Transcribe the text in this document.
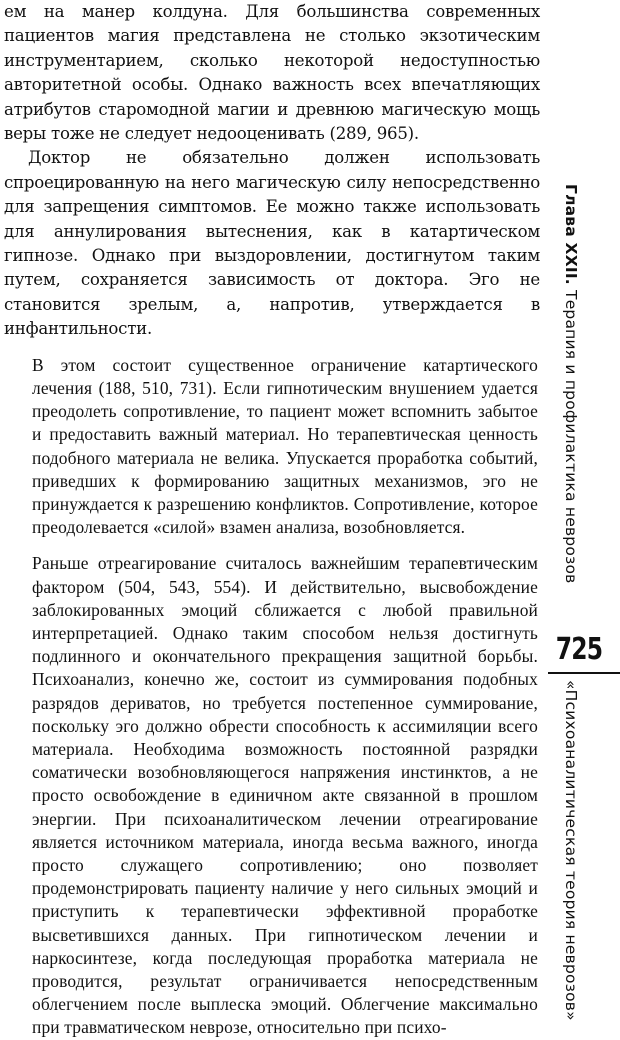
ем на манер колдуна. Для большинства современных пациентов магия представлена не столько экзотическим инструментарием, сколько некоторой недоступностью авторитетной особы. Однако важность всех впечатляющих атрибутов старомодной магии и древнюю магическую мощь веры тоже не следует недооценивать (289, 965).

Доктор не обязательно должен использовать спроецированную на него магическую силу непосредственно для запрещения симптомов. Ее можно также использовать для аннулирования вытеснения, как в катартическом гипнозе. Однако при выздоровлении, достигнутом таким путем, сохраняется зависимость от доктора. Эго не становится зрелым, а, напротив, утверждается в инфантильности.

В этом состоит существенное ограничение катартического лечения (188, 510, 731). Если гипнотическим внушением удается преодолеть сопротивление, то пациент может вспомнить забытое и предоставить важный материал. Но терапевтическая ценность подобного материала не велика. Упускается проработка событий, приведших к формированию защитных механизмов, эго не принуждается к разрешению конфликтов. Сопротивление, которое преодолевается «силой» взамен анализа, возобновляется.

Раньше отреагирование считалось важнейшим терапевтическим фактором (504, 543, 554). И действительно, высвобождение заблокированных эмоций сближается с любой правильной интерпретацией. Однако таким способом нельзя достигнуть подлинного и окончательного прекращения защитной борьбы. Психоанализ, конечно же, состоит из суммирования подобных разрядов дериватов, но требуется постепенное суммирование, поскольку эго должно обрести способность к ассимиляции всего материала. Необходима возможность постоянной разрядки соматически возобновляющегося напряжения инстинктов, а не просто освобождение в единичном акте связанной в прошлом энергии. При психоаналитическом лечении отреагирование является источником материала, иногда весьма важного, иногда просто служащего сопротивлению; оно позволяет продемонстрировать пациенту наличие у него сильных эмоций и приступить к терапевтически эффективной проработке высветившихся данных. При гипнотическом лечении и наркосинтезе, когда последующая проработка материала не проводится, результат ограничивается непосредственным облегчением после выплеска эмоций. Облегчение максимально при травматическом неврозе, относительно при психо-

Глава XXII. Терапия и профилактика неврозов
725
«Психоаналитическая теория неврозов»
